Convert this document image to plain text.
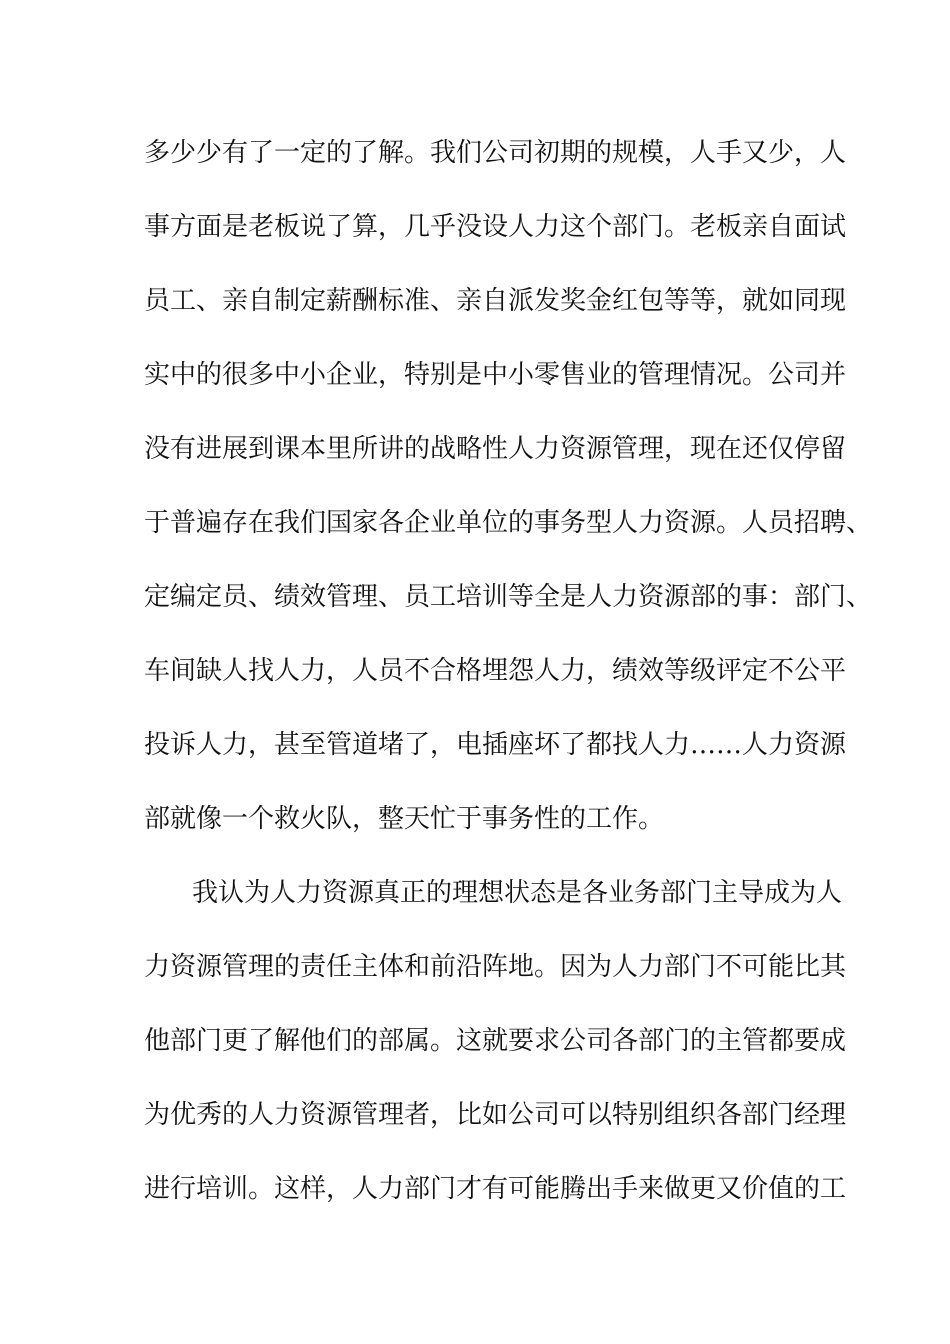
多少少有了一定的了解。我们公司初期的规模，人手又少，人
事方面是老板说了算，几乎没设人力这个部门。老板亲自面试
员工、亲自制定薪酬标准、亲自派发奖金红包等等，就如同现
实中的很多中小企业，特别是中小零售业的管理情况。公司并
没有进展到课本里所讲的战略性人力资源管理，现在还仅停留
于普遍存在我们国家各企业单位的事务型人力资源。人员招聘、
定编定员、绩效管理、员工培训等全是人力资源部的事：部门、
车间缺人找人力，人员不合格埋怨人力，绩效等级评定不公平
投诉人力，甚至管道堵了，电插座坏了都找人力……人力资源
部就像一个救火队，整天忙于事务性的工作。
我认为人力资源真正的理想状态是各业务部门主导成为人
力资源管理的责任主体和前沿阵地。因为人力部门不可能比其
他部门更了解他们的部属。这就要求公司各部门的主管都要成
为优秀的人力资源管理者，比如公司可以特别组织各部门经理
进行培训。这样，人力部门才有可能腾出手来做更又价值的工
